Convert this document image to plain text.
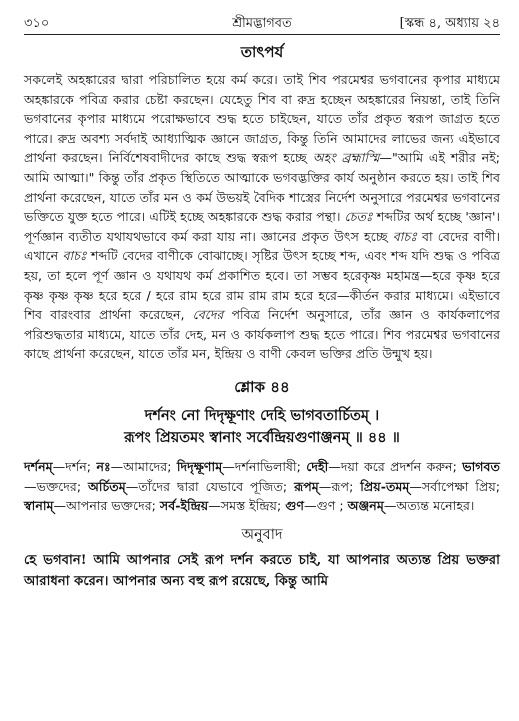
৩১০	শ্রীমদ্ভাগবত	[স্কন্ধ ৪, অধ্যায় ২৪
তাৎপর্য

সকলেই অহঙ্কারের দ্বারা পরিচালিত হয়ে কর্ম করে। তাই শিব পরমেশ্বর ভগবানের কৃপার মাধ্যমে অহঙ্কারকে পবিত্র করার চেষ্টা করছেন। যেহেতু শিব বা রুদ্র হচ্ছেন অহঙ্কারের নিয়ন্তা, তাই তিনি ভগবানের কৃপার মাধ্যমে পরোক্ষভাবে শুদ্ধ হতে চাইছেন, যাতে তাঁর প্রকৃত স্বরূপ জাগ্রত হতে পারে। রুদ্র অবশ্য সর্বদাই আধ্যাত্মিক জ্ঞানে জাগ্রত, কিন্তু তিনি আমাদের লাভের জন্য এইভাবে প্রার্থনা করছেন। নির্বিশেষবাদীদের কাছে শুদ্ধ স্বরূপ হচ্ছে অহং ব্রহ্মাস্মি—"আমি এই শরীর নই; আমি আত্মা।" কিন্তু তাঁর প্রকৃত স্থিতিতে আত্মাকে ভগবদ্ভক্তির কার্য অনুষ্ঠান করতে হয়। তাই শিব প্রার্থনা করেছেন, যাতে তাঁর মন ও কর্ম উভয়ই বৈদিক শাস্ত্রের নির্দেশ অনুসারে পরমেশ্বর ভগবানের ভক্তিতে যুক্ত হতে পারে। এটিই হচ্ছে অহঙ্কারকে শুদ্ধ করার পন্থা। চেতঃ শব্দটির অর্থ হচ্ছে 'জ্ঞান'। পূর্ণজ্ঞান ব্যতীত যথাযথভাবে কর্ম করা যায় না। জ্ঞানের প্রকৃত উৎস হচ্ছে বাচঃ বা বেদের বাণী। এখানে বাচঃ শব্দটি বেদের বাণীকে বোঝাচ্ছে। সৃষ্টির উৎস হচ্ছে শব্দ, এবং শব্দ যদি শুদ্ধ ও পবিত্র হয়, তা হলে পূর্ণ জ্ঞান ও যথাযথ কর্ম প্রকাশিত হবে। তা সম্ভব হরেকৃষ্ণ মহামন্ত্র—হরে কৃষ্ণ হরে কৃষ্ণ কৃষ্ণ কৃষ্ণ হরে হরে / হরে রাম হরে রাম রাম রাম হরে হরে—কীর্তন করার মাধ্যমে। এইভাবে শিব বারংবার প্রার্থনা করেছেন, বেদের পবিত্র নির্দেশ অনুসারে, তাঁর জ্ঞান ও কার্যকলাপের পরিশুদ্ধতার মাধ্যমে, যাতে তাঁর দেহ, মন ও কার্যকলাপ শুদ্ধ হতে পারে। শিব পরমেশ্বর ভগবানের কাছে প্রার্থনা করেছেন, যাতে তাঁর মন, ইন্দ্রিয় ও বাণী কেবল ভক্তির প্রতি উন্মুখ হয়।

শ্লোক ৪৪

দর্শনং নো দিদৃক্ষূণাং দেহি ভাগবতার্চিতম্ ।

রূপং প্রিয়তমং স্বানাং সর্বেন্দ্রিয়গুণাঞ্জনম্ ॥ ৪৪ ॥

দর্শনম্—দর্শন; নঃ—আমাদের; দিদৃক্ষূণাম্—দর্শনাভিলাষী; দেহী—দয়া করে প্রদর্শন করুন; ভাগবত—ভক্তদের; অর্চিতম্—তাঁদের দ্বারা যেভাবে পূজিত; রূপম্—রূপ; প্রিয়-তমম্—সর্বাপেক্ষা প্রিয়; স্বানাম্—আপনার ভক্তদের; সর্ব-ইন্দ্রিয়—সমস্ত ইন্দ্রিয়; গুণ—গুণ ; অঞ্জনম্—অত্যন্ত মনোহর।

অনুবাদ

হে ভগবান! আমি আপনার সেই রূপ দর্শন করতে চাই, যা আপনার অত্যন্ত প্রিয় ভক্তরা আরাধনা করেন। আপনার অন্য বহু রূপ রয়েছে, কিন্তু আমি
